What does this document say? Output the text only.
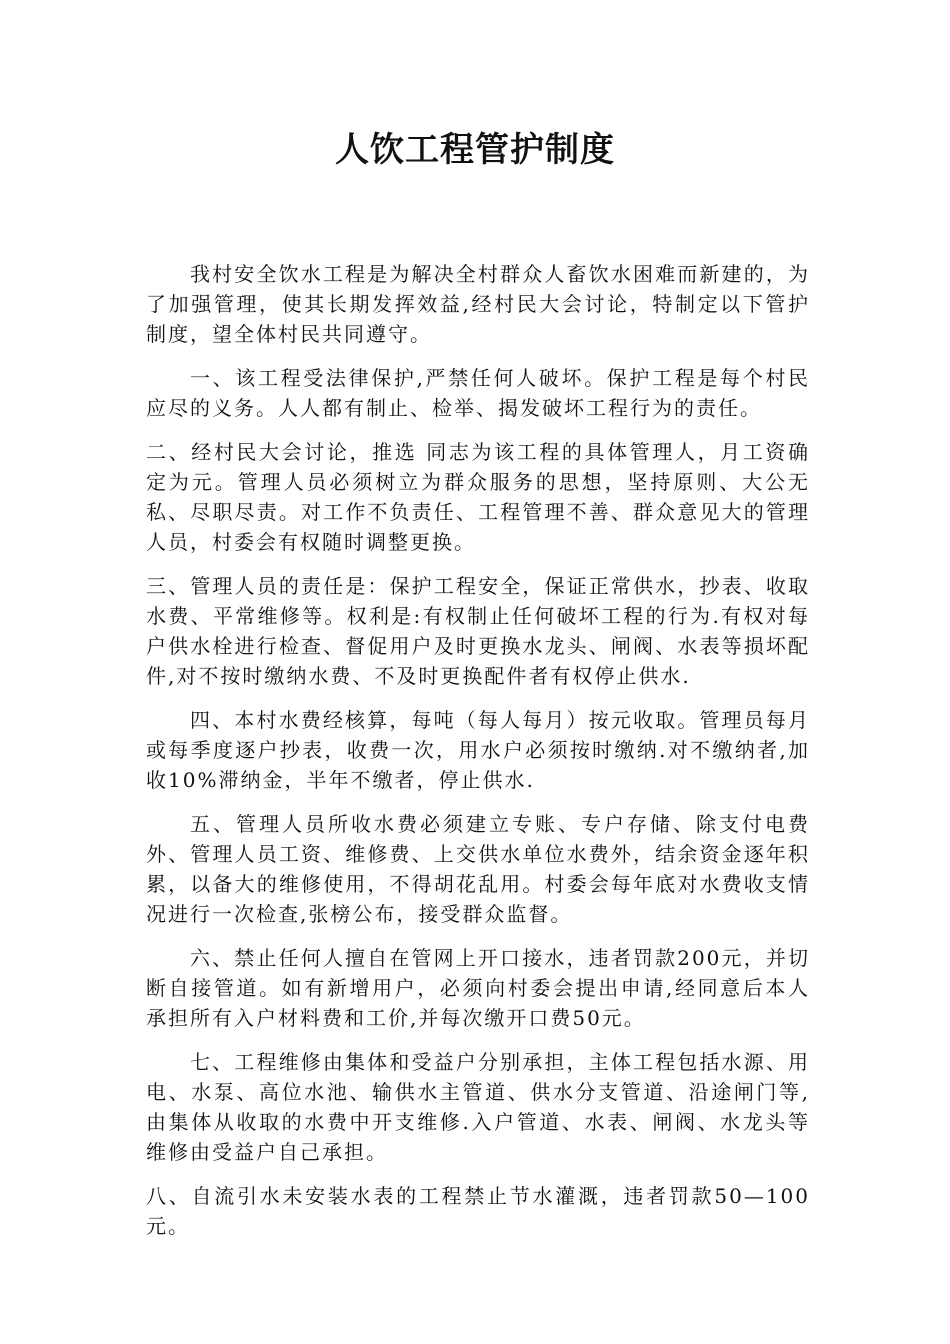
人饮工程管护制度

我村安全饮水工程是为解决全村群众人畜饮水困难而新建的，为了加强管理，使其长期发挥效益,经村民大会讨论，特制定以下管护制度，望全体村民共同遵守。

一、该工程受法律保护,严禁任何人破坏。保护工程是每个村民应尽的义务。人人都有制止、检举、揭发破坏工程行为的责任。

二、经村民大会讨论，推选 同志为该工程的具体管理人，月工资确定为元。管理人员必须树立为群众服务的思想，坚持原则、大公无私、尽职尽责。对工作不负责任、工程管理不善、群众意见大的管理人员，村委会有权随时调整更换。

三、管理人员的责任是：保护工程安全，保证正常供水，抄表、收取水费、平常维修等。权利是:有权制止任何破坏工程的行为.有权对每户供水栓进行检查、督促用户及时更换水龙头、闸阀、水表等损坏配件,对不按时缴纳水费、不及时更换配件者有权停止供水.

四、本村水费经核算，每吨（每人每月）按元收取。管理员每月或每季度逐户抄表，收费一次，用水户必须按时缴纳.对不缴纳者,加收10%滞纳金，半年不缴者，停止供水.

五、管理人员所收水费必须建立专账、专户存储、除支付电费外、管理人员工资、维修费、上交供水单位水费外，结余资金逐年积累，以备大的维修使用，不得胡花乱用。村委会每年底对水费收支情况进行一次检查,张榜公布，接受群众监督。

六、禁止任何人擅自在管网上开口接水，违者罚款200元，并切断自接管道。如有新增用户，必须向村委会提出申请,经同意后本人承担所有入户材料费和工价,并每次缴开口费50元。

七、工程维修由集体和受益户分别承担，主体工程包括水源、用电、水泵、高位水池、输供水主管道、供水分支管道、沿途闸门等,由集体从收取的水费中开支维修.入户管道、水表、闸阀、水龙头等维修由受益户自己承担。

八、自流引水未安装水表的工程禁止节水灌溉，违者罚款50—100元。
